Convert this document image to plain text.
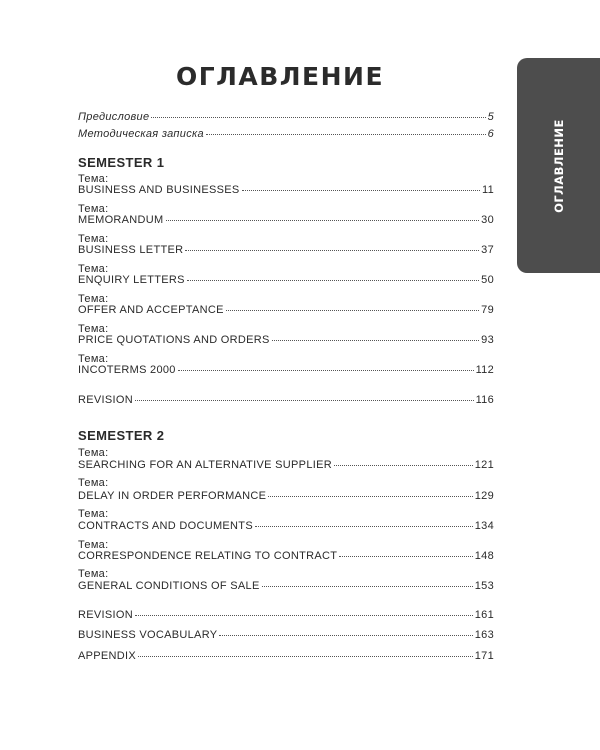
ОГЛАВЛЕНИЕ
ОГЛАВЛЕНИЕ
Предисловие	5
Методическая записка	6
SEMESTER 1
Тема:
BUSINESS AND BUSINESSES	11
Тема:
MEMORANDUM	30
Тема:
BUSINESS LETTER	37
Тема:
ENQUIRY LETTERS	50
Тема:
OFFER AND ACCEPTANCE	79
Тема:
PRICE QUOTATIONS AND ORDERS	93
Тема:
INCOTERMS 2000	112
REVISION	116
SEMESTER 2
Тема:
SEARCHING FOR AN ALTERNATIVE SUPPLIER	121
Тема:
DELAY IN ORDER PERFORMANCE	129
Тема:
CONTRACTS AND DOCUMENTS	134
Тема:
CORRESPONDENCE RELATING TO CONTRACT	148
Тема:
GENERAL CONDITIONS OF SALE	153
REVISION	161
BUSINESS VOCABULARY	163
APPENDIX	171
